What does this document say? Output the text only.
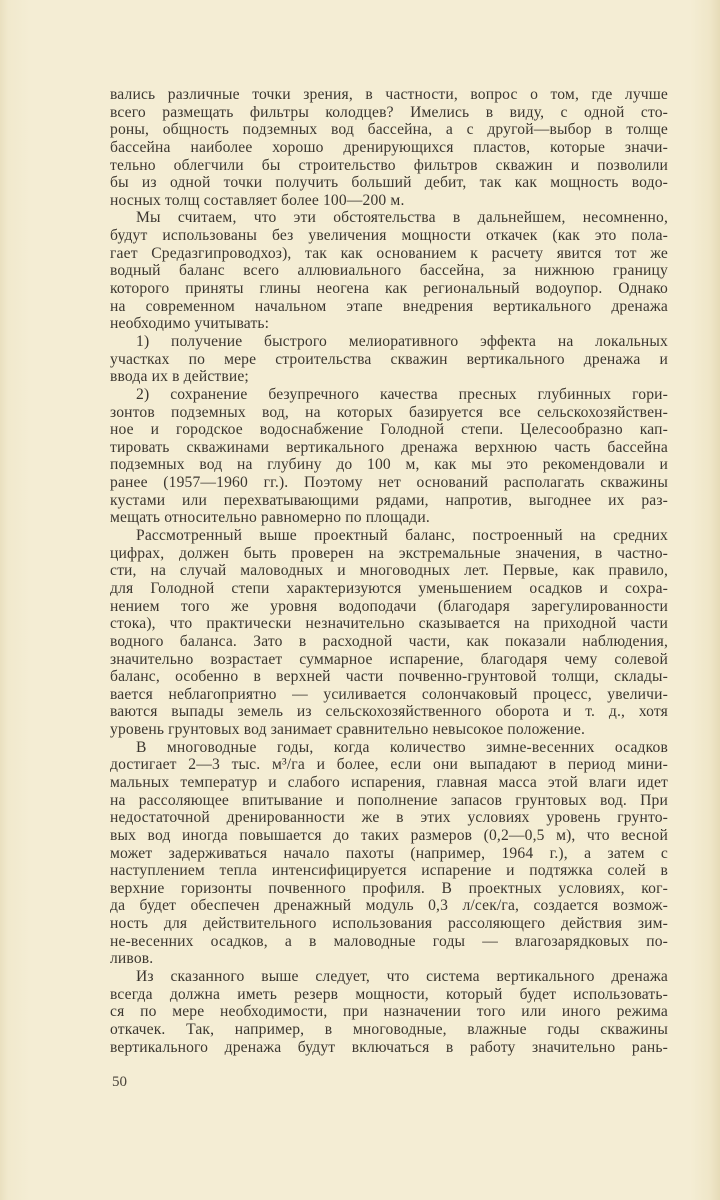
вались различные точки зрения, в частности, вопрос о том, где лучше
всего размещать фильтры колодцев? Имелись в виду, с одной сто-
роны, общность подземных вод бассейна, а с другой—выбор в толще
бассейна наиболее хорошо дренирующихся пластов, которые значи-
тельно облегчили бы строительство фильтров скважин и позволили
бы из одной точки получить больший дебит, так как мощность водо-
носных толщ составляет более 100—200 м.
Мы считаем, что эти обстоятельства в дальнейшем, несомненно,
будут использованы без увеличения мощности откачек (как это пола-
гает Средазгипроводхоз), так как основанием к расчету явится тот же
водный баланс всего аллювиального бассейна, за нижнюю границу
которого приняты глины неогена как региональный водоупор. Однако
на современном начальном этапе внедрения вертикального дренажа
необходимо учитывать:
1) получение быстрого мелиоративного эффекта на локальных
участках по мере строительства скважин вертикального дренажа и
ввода их в действие;
2) сохранение безупречного качества пресных глубинных гори-
зонтов подземных вод, на которых базируется все сельскохозяйствен-
ное и городское водоснабжение Голодной степи. Целесообразно кап-
тировать скважинами вертикального дренажа верхнюю часть бассейна
подземных вод на глубину до 100 м, как мы это рекомендовали и
ранее (1957—1960 гг.). Поэтому нет оснований располагать скважины
кустами или перехватывающими рядами, напротив, выгоднее их раз-
мещать относительно равномерно по площади.
Рассмотренный выше проектный баланс, построенный на средних
цифрах, должен быть проверен на экстремальные значения, в частно-
сти, на случай маловодных и многоводных лет. Первые, как правило,
для Голодной степи характеризуются уменьшением осадков и сохра-
нением того же уровня водоподачи (благодаря зарегулированности
стока), что практически незначительно сказывается на приходной части
водного баланса. Зато в расходной части, как показали наблюдения,
значительно возрастает суммарное испарение, благодаря чему солевой
баланс, особенно в верхней части почвенно-грунтовой толщи, склады-
вается неблагоприятно — усиливается солончаковый процесс, увеличи-
ваются выпады земель из сельскохозяйственного оборота и т. д., хотя
уровень грунтовых вод занимает сравнительно невысокое положение.
В многоводные годы, когда количество зимне-весенних осадков
достигает 2—3 тыс. м³/га и более, если они выпадают в период мини-
мальных температур и слабого испарения, главная масса этой влаги идет
на рассоляющее впитывание и пополнение запасов грунтовых вод. При
недостаточной дренированности же в этих условиях уровень грунто-
вых вод иногда повышается до таких размеров (0,2—0,5 м), что весной
может задерживаться начало пахоты (например, 1964 г.), а затем с
наступлением тепла интенсифицируется испарение и подтяжка солей в
верхние горизонты почвенного профиля. В проектных условиях, ког-
да будет обеспечен дренажный модуль 0,3 л/сек/га, создается возмож-
ность для действительного использования рассоляющего действия зим-
не-весенних осадков, а в маловодные годы — влагозарядковых по-
ливов.
Из сказанного выше следует, что система вертикального дренажа
всегда должна иметь резерв мощности, который будет использовать-
ся по мере необходимости, при назначении того или иного режима
откачек. Так, например, в многоводные, влажные годы скважины
вертикального дренажа будут включаться в работу значительно рань-
50
